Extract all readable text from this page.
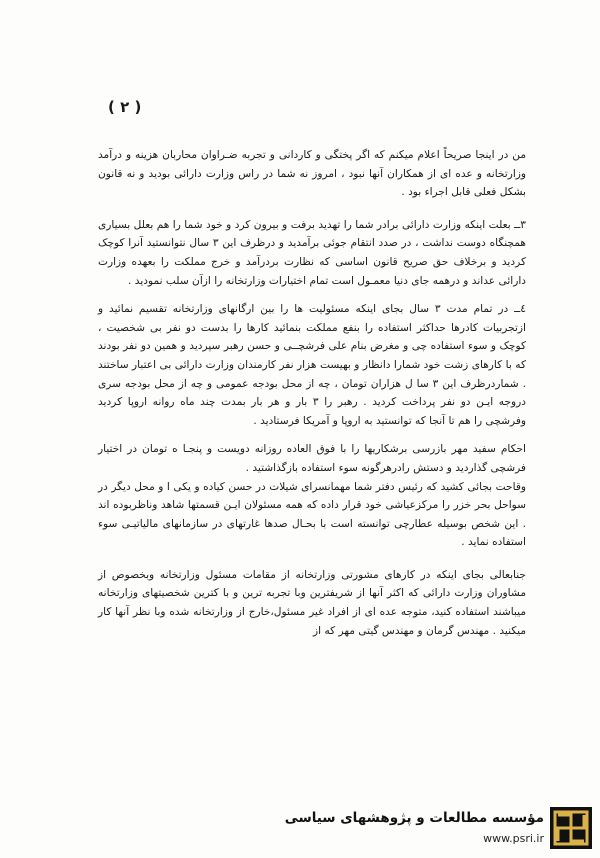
( ۲ )

من در اینجا صریحاً اعلام میکنم که اگر پختگی و کاردانی و تجربه ضـراوان محاربان هزینه و درآمد وزارتخانه و عده ای از همکاران آنها نبود ، امروز نه شما در راس وزارت دارائی بودید و نه قانون بشکل فعلی قابل اجراء بود .

۳ــ بعلت اینکه وزارت دارائی برادر شما را تهدید برفت و بیرون کرد و خود شما را هم بعلل بسیاری همچنگاه دوست نداشت ، در صدد انتقام جوئی برآمدید و درظرف این ۳ سال نتوانستید آنرا کوچک کردید و برخلاف حق صریح قانون اساسی که نظارت بردرآمد و خرج مملکت را بعهده وزارت دارائی عداند و درهمه جای دنیا معمـول است تمام اختیارات وزارتخانه را ازآن سلب نمودید .

٤ــ در تمام مدت ۳ سال بجای اینکه مسئولیت ها را بین ارگانهای وزارتخانه تقسیم نمائید و ازتجربیات کادرها حداکثر استفاده را بنفع مملکت بنمائید کارها را بدست دو نفر بی شخصیت ، کوچک و سوء استفاده چی و مغرض بنام علی فرشچــی و حسن رهبر سپردید و همین دو نفر بودند که با کارهای زشت خود شمارا دانظار و بهیست هزار نفر کارمندان وزارت دارائی بی اعتبار ساختند . شماردرظرف این ۳ سا ل هزاران تومان ، چه از محل بودجه عمومی و چه از محل بودجه سری دروجه ایـن دو نفر پرداخت کردید . رهبر را ۳ بار و هر بار بمدت چند ماه روانه اروپا کردید وفرشچی را هم تا آنجا که توانستید به اروپا و آمریکا فرستادید .

احکام سفید مهر بازرسی برشکاریها را با فوق العاده روزانه دویست و پنجـا ه تومان در اختیار فرشچی گذاردید و دستش رادرهرگونه سوء استفاده بازگذاشتید .

وقاحت بجائی کشید که رئیس دفتر شما مهمانسرای شیلات در حسن کیاده و یکی ا و محل دیگر در سواحل بحر خزر را مرکزعیاشی خود قرار داده که همه مسئولان ایـن قسمتها شاهد وناظربوده اند . این شخص بوسیله عطارچی توانسته است با بحـال صدها غارتهای در سازمانهای مالیاتیـی سوء استفاده نماید .

جنابعالی بجای اینکه در کارهای مشورتی وزارتخانه از مقامات مسئول وزارتخانه وبخصوص از مشاوران وزارت دارائی که اکثر آنها از شریفترین وبا تجربه ترین و با کترین شخصیتهای وزارتخانه میباشند استفاده کنید، متوجه عده ای از افراد غیر مسئول،خارج از وزارتخانه شده وبا نظر آنها کار میکنید . مهندس گرمان و مهندس گیتی مهر که از

مؤسسه مطالعات و پژوهشهای سیاسی
www.psri.ir
